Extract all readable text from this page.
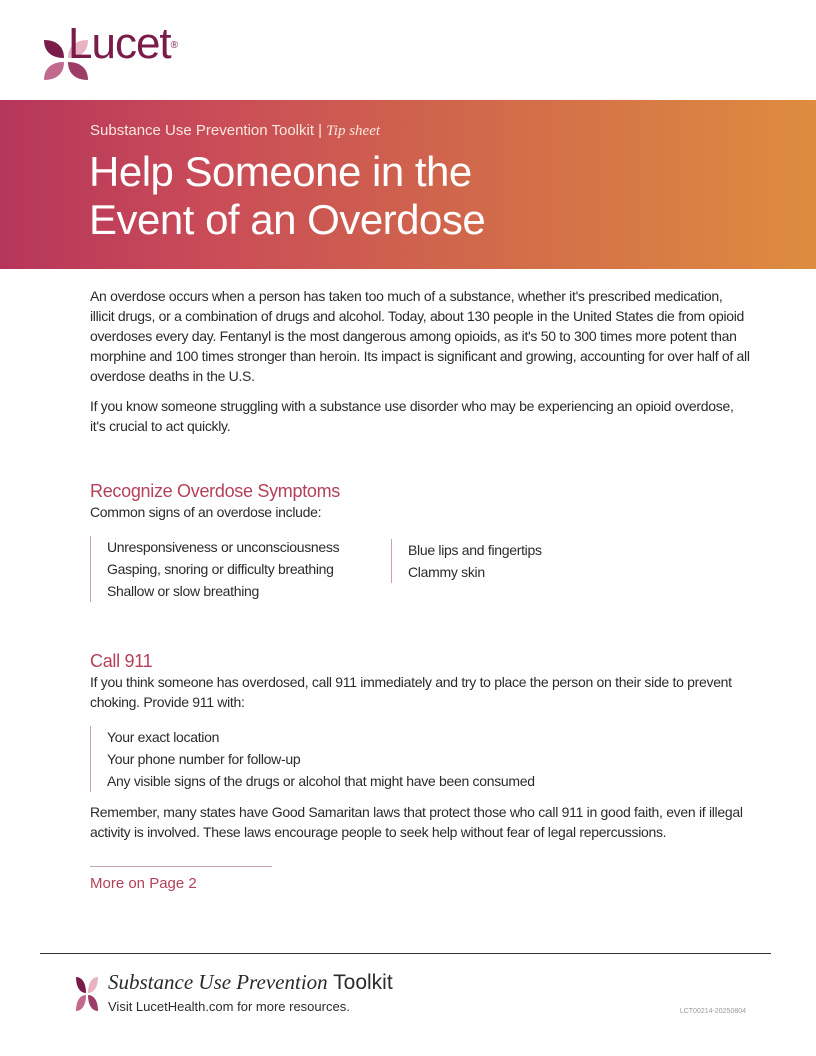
Lucet®
Substance Use Prevention Toolkit | Tip sheet
Help Someone in the
Event of an Overdose

An overdose occurs when a person has taken too much of a substance, whether it's prescribed medication, illicit drugs, or a combination of drugs and alcohol. Today, about 130 people in the United States die from opioid overdoses every day. Fentanyl is the most dangerous among opioids, as it's 50 to 300 times more potent than morphine and 100 times stronger than heroin. Its impact is significant and growing, accounting for over half of all overdose deaths in the U.S.

If you know someone struggling with a substance use disorder who may be experiencing an opioid overdose, it's crucial to act quickly.

Recognize Overdose Symptoms
Common signs of an overdose include:
Unresponsiveness or unconsciousness
Gasping, snoring or difficulty breathing
Shallow or slow breathing
Blue lips and fingertips
Clammy skin
Call 911

If you think someone has overdosed, call 911 immediately and try to place the person on their side to prevent choking. Provide 911 with:

Your exact location
Your phone number for follow-up
Any visible signs of the drugs or alcohol that might have been consumed

Remember, many states have Good Samaritan laws that protect those who call 911 in good faith, even if illegal activity is involved. These laws encourage people to seek help without fear of legal repercussions.

More on Page 2
Substance Use Prevention Toolkit
Visit LucetHealth.com for more resources.	LCT00214-20250804
